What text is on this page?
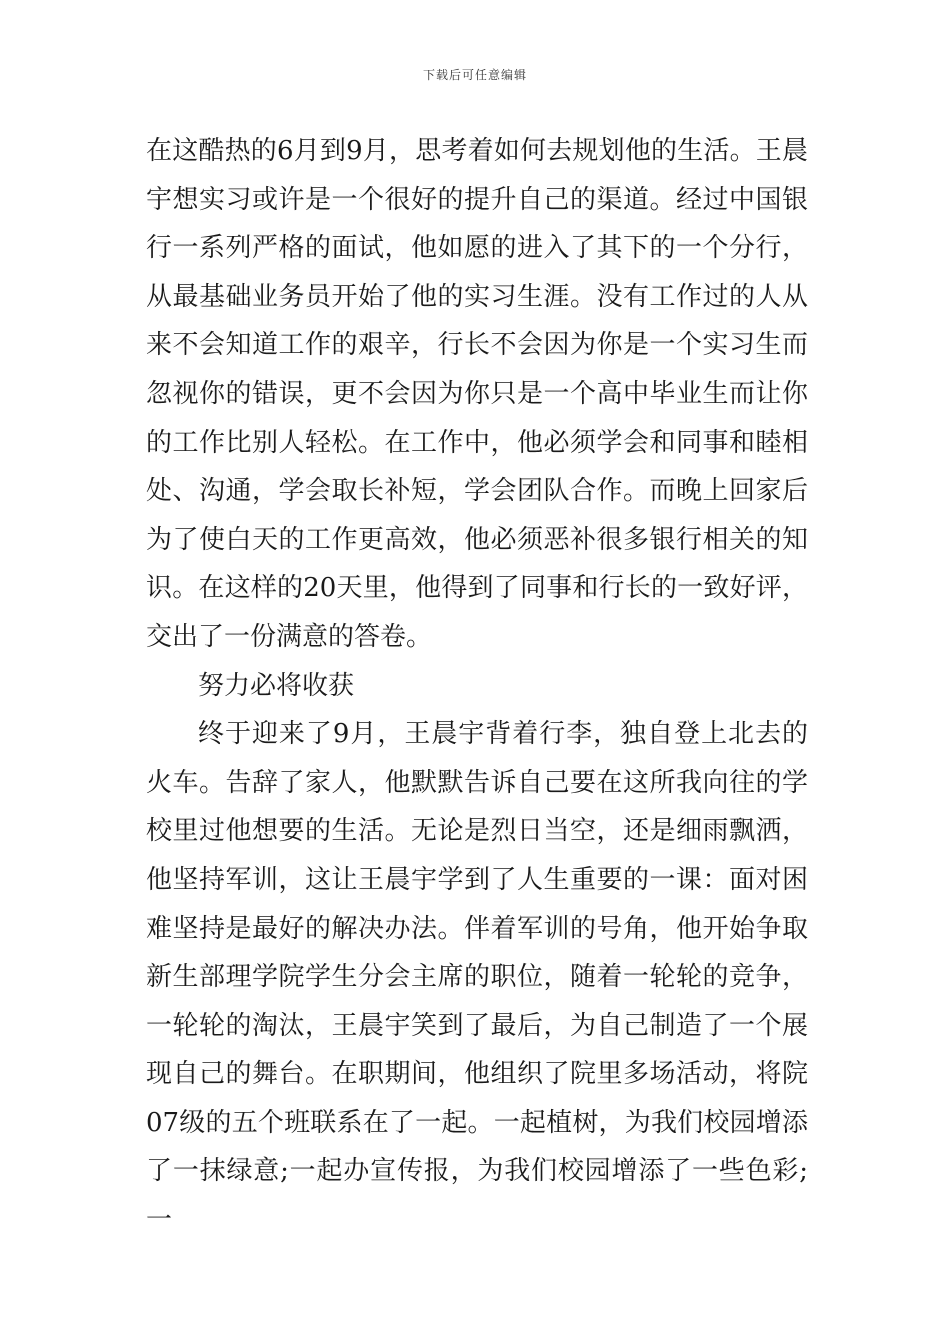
下载后可任意编辑

在这酷热的6月到9月，思考着如何去规划他的生活。王晨宇想实习或许是一个很好的提升自己的渠道。经过中国银行一系列严格的面试，他如愿的进入了其下的一个分行，从最基础业务员开始了他的实习生涯。没有工作过的人从来不会知道工作的艰辛，行长不会因为你是一个实习生而忽视你的错误，更不会因为你只是一个高中毕业生而让你的工作比别人轻松。在工作中，他必须学会和同事和睦相处、沟通，学会取长补短，学会团队合作。而晚上回家后为了使白天的工作更高效，他必须恶补很多银行相关的知识。在这样的20天里，他得到了同事和行长的一致好评，交出了一份满意的答卷。

努力必将收获

终于迎来了9月，王晨宇背着行李，独自登上北去的火车。告辞了家人，他默默告诉自己要在这所我向往的学校里过他想要的生活。无论是烈日当空，还是细雨飘洒，他坚持军训，这让王晨宇学到了人生重要的一课：面对困难坚持是最好的解决办法。伴着军训的号角，他开始争取新生部理学院学生分会主席的职位，随着一轮轮的竞争，一轮轮的淘汰，王晨宇笑到了最后，为自己制造了一个展现自己的舞台。在职期间，他组织了院里多场活动，将院07级的五个班联系在了一起。一起植树，为我们校园增添了一抹绿意;一起办宣传报，为我们校园增添了一些色彩;一
